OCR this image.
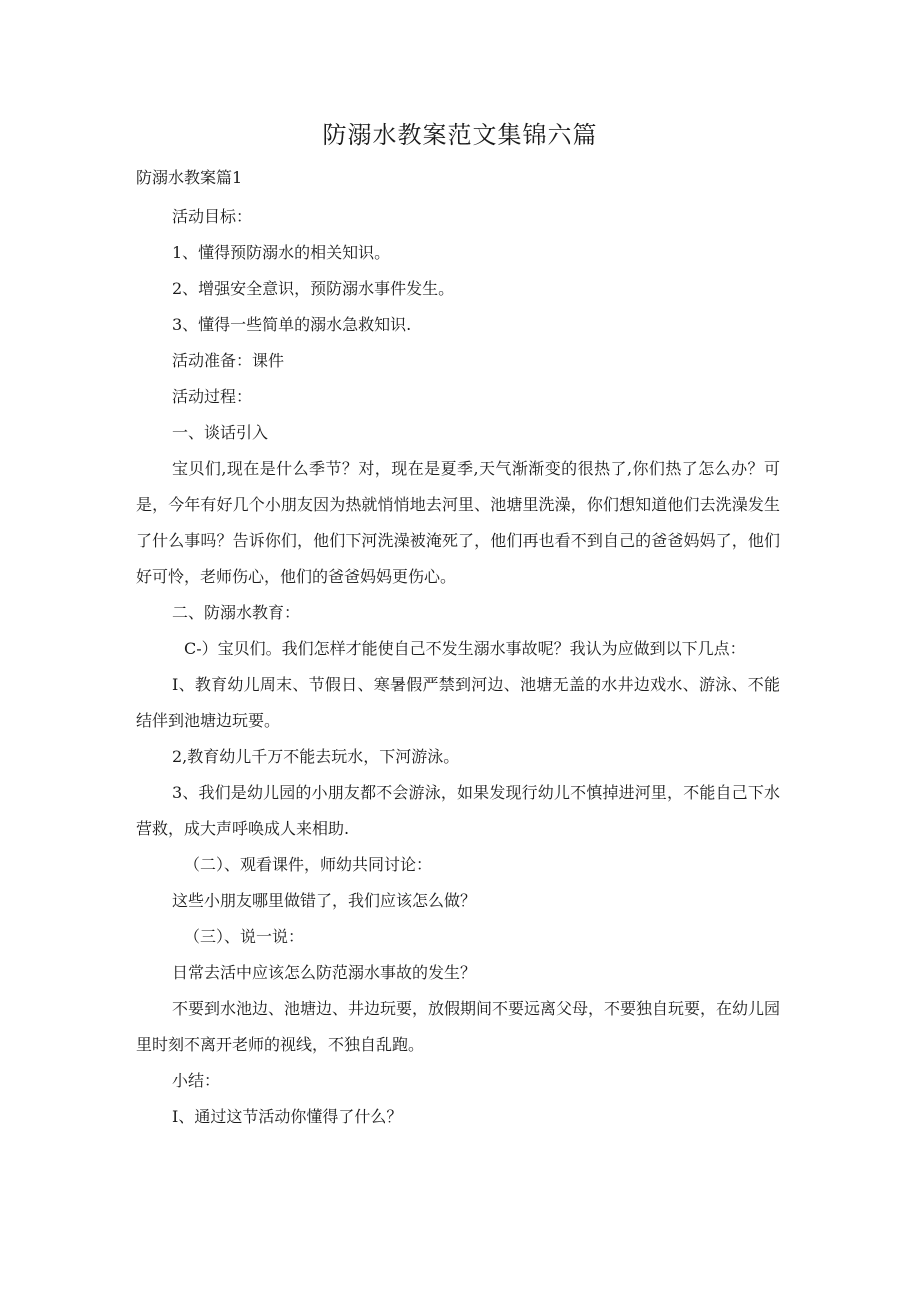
防溺水教案范文集锦六篇
防溺水教案篇1

活动目标：

1、懂得预防溺水的相关知识。

2、增强安全意识，预防溺水事件发生。

3、懂得一些简单的溺水急救知识.

活动准备：课件

活动过程：

一、谈话引入

宝贝们,现在是什么季节？对，现在是夏季,天气渐渐变的很热了,你们热了怎么办？可是，今年有好几个小朋友因为热就悄悄地去河里、池塘里洗澡，你们想知道他们去洗澡发生了什么事吗？告诉你们，他们下河洗澡被淹死了，他们再也看不到自己的爸爸妈妈了，他们好可怜，老师伤心，他们的爸爸妈妈更伤心。

二、防溺水教育：

C-）宝贝们。我们怎样才能使自己不发生溺水事故呢？我认为应做到以下几点：

I、教育幼儿周末、节假日、寒暑假严禁到河边、池塘无盖的水井边戏水、游泳、不能结伴到池塘边玩要。

2,教育幼儿千万不能去玩水，下河游泳。

3、我们是幼儿园的小朋友都不会游泳，如果发现行幼儿不慎掉进河里，不能自己下水营救，成大声呼唤成人来相助.

（二）、观看课件，师幼共同讨论：

这些小朋友哪里做错了，我们应该怎么做？

（三）、说一说：

日常去活中应该怎么防范溺水事故的发生？

不要到水池边、池塘边、井边玩要，放假期间不要远离父母，不要独自玩要，在幼儿园里时刻不离开老师的视线，不独自乱跑。

小结：

I、通过这节活动你懂得了什么？
